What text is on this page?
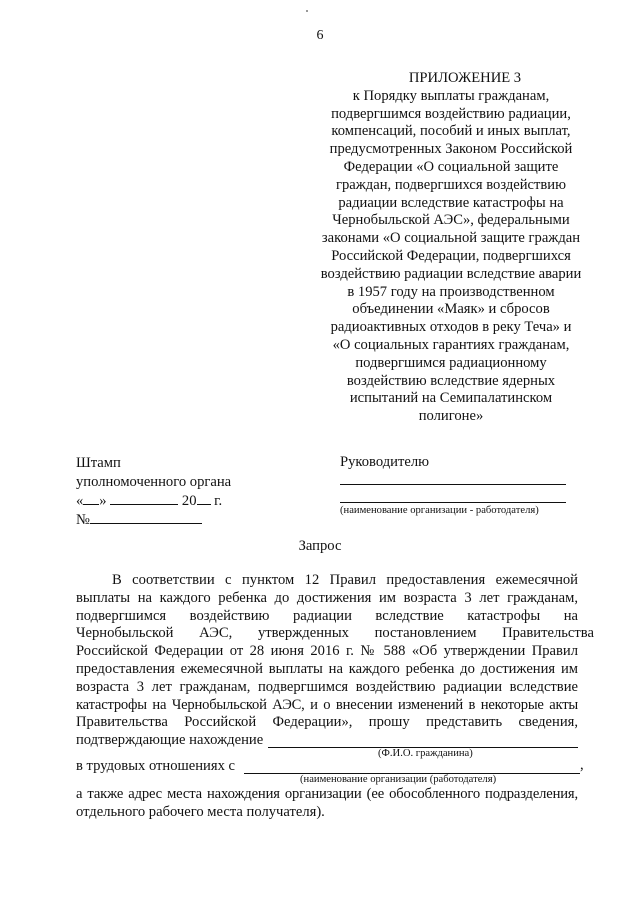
6
ПРИЛОЖЕНИЕ 3
к Порядку выплаты гражданам,
подвергшимся воздействию радиации,
компенсаций, пособий и иных выплат,
предусмотренных Законом Российской
Федерации «О социальной защите
граждан, подвергшихся воздействию
радиации вследствие катастрофы на
Чернобыльской АЭС», федеральными
законами «О социальной защите граждан
Российской Федерации, подвергшихся
воздействию радиации вследствие аварии
в 1957 году на производственном
объединении «Маяк» и сбросов
радиоактивных отходов в реку Теча» и
«О социальных гарантиях гражданам,
подвергшимся радиационному
воздействию вследствие ядерных
испытаний на Семипалатинском
полигоне»
Штамп
уполномоченного органа
« »	20 г.
№
Руководителю
(наименование организации - работодателя)
Запрос
В соответствии с пунктом 12 Правил предоставления ежемесячной
выплаты на каждого ребенка до достижения им возраста 3 лет гражданам,
подвергшимся воздействию радиации вследствие катастрофы на
Чернобыльской АЭС, утвержденных постановлением Правительства
Российской Федерации от 28 июня 2016 г. № 588 «Об утверждении Правил
предоставления ежемесячной выплаты на каждого ребенка до достижения им
возраста 3 лет гражданам, подвергшимся воздействию радиации вследствие
катастрофы на Чернобыльской АЭС, и о внесении изменений в некоторые акты
Правительства Российской Федерации», прошу представить сведения,
подтверждающие нахождение
(Ф.И.О. гражданина)
в трудовых отношениях с	,
(наименование организации (работодателя)
а также адрес места нахождения организации (ее обособленного подразделения,
отдельного рабочего места получателя).
